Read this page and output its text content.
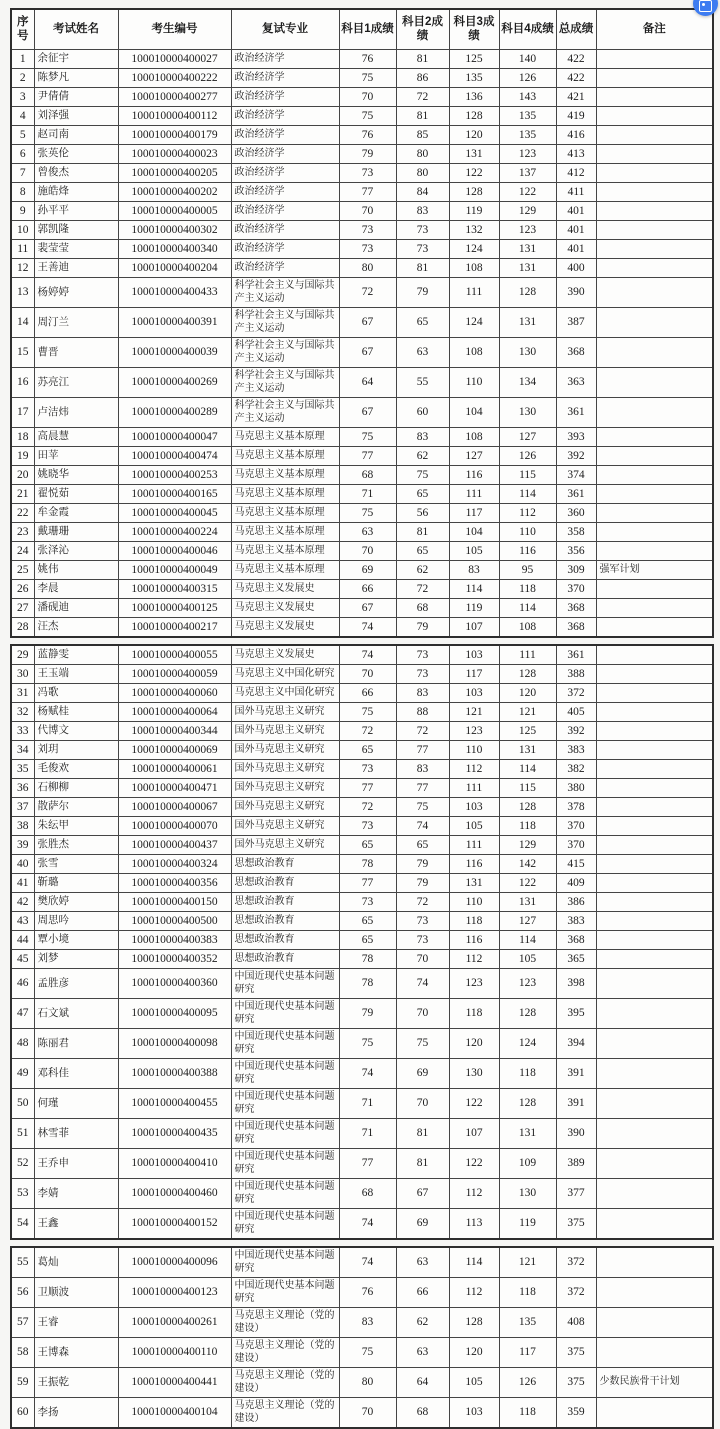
序号	考试姓名	考生编号	复试专业	科目1成绩	科目2成绩	科目3成绩	科目4成绩	总成绩	备注
1	余征宇	100010000400027	政治经济学	76	81	125	140	422	
2	陈梦凡	100010000400222	政治经济学	75	86	135	126	422	
3	尹倩倩	100010000400277	政治经济学	70	72	136	143	421	
4	刘泽强	100010000400112	政治经济学	75	81	128	135	419	
5	赵司南	100010000400179	政治经济学	76	85	120	135	416	
6	张英伦	100010000400023	政治经济学	79	80	131	123	413	
7	曾俊杰	100010000400205	政治经济学	73	80	122	137	412	
8	施皓烽	100010000400202	政治经济学	77	84	128	122	411	
9	孙平平	100010000400005	政治经济学	70	83	119	129	401	
10	郭凯隆	100010000400302	政治经济学	73	73	132	123	401	
11	裴莹莹	100010000400340	政治经济学	73	73	124	131	401	
12	王善迪	100010000400204	政治经济学	80	81	108	131	400	
13	杨婷婷	100010000400433	科学社会主义与国际共产主义运动	72	79	111	128	390	
14	周汀兰	100010000400391	科学社会主义与国际共产主义运动	67	65	124	131	387	
15	曹晋	100010000400039	科学社会主义与国际共产主义运动	67	63	108	130	368	
16	苏亮江	100010000400269	科学社会主义与国际共产主义运动	64	55	110	134	363	
17	卢洁炜	100010000400289	科学社会主义与国际共产主义运动	67	60	104	130	361	
18	高晨慧	100010000400047	马克思主义基本原理	75	83	108	127	393	
19	田苹	100010000400474	马克思主义基本原理	77	62	127	126	392	
20	姚晓华	100010000400253	马克思主义基本原理	68	75	116	115	374	
21	翟悦茹	100010000400165	马克思主义基本原理	71	65	111	114	361	
22	牟金霞	100010000400045	马克思主义基本原理	75	56	117	112	360	
23	戴珊珊	100010000400224	马克思主义基本原理	63	81	104	110	358	
24	张泽沁	100010000400046	马克思主义基本原理	70	65	105	116	356	
25	姚伟	100010000400049	马克思主义基本原理	69	62	83	95	309	强军计划
26	李晨	100010000400315	马克思主义发展史	66	72	114	118	370	
27	潘砚迪	100010000400125	马克思主义发展史	67	68	119	114	368	
28	汪杰	100010000400217	马克思主义发展史	74	79	107	108	368	
29	蓝静雯	100010000400055	马克思主义发展史	74	73	103	111	361	
30	王玉端	100010000400059	马克思主义中国化研究	70	73	117	128	388	
31	冯歌	100010000400060	马克思主义中国化研究	66	83	103	120	372	
32	杨赋桂	100010000400064	国外马克思主义研究	75	88	121	121	405	
33	代博文	100010000400344	国外马克思主义研究	72	72	123	125	392	
34	刘玥	100010000400069	国外马克思主义研究	65	77	110	131	383	
35	毛俊欢	100010000400061	国外马克思主义研究	73	83	112	114	382	
36	石柳柳	100010000400471	国外马克思主义研究	77	77	111	115	380	
37	散萨尔	100010000400067	国外马克思主义研究	72	75	103	128	378	
38	朱纭甲	100010000400070	国外马克思主义研究	73	74	105	118	370	
39	张胜杰	100010000400437	国外马克思主义研究	65	65	111	129	370	
40	张雪	100010000400324	思想政治教育	78	79	116	142	415	
41	靳璐	100010000400356	思想政治教育	77	79	131	122	409	
42	樊欣婷	100010000400150	思想政治教育	73	72	110	131	386	
43	周思吟	100010000400500	思想政治教育	65	73	118	127	383	
44	覃小境	100010000400383	思想政治教育	65	73	116	114	368	
45	刘梦	100010000400352	思想政治教育	78	70	112	105	365	
46	孟胜彦	100010000400360	中国近现代史基本问题研究	78	74	123	123	398	
47	石文斌	100010000400095	中国近现代史基本问题研究	79	70	118	128	395	
48	陈丽君	100010000400098	中国近现代史基本问题研究	75	75	120	124	394	
49	邓科佳	100010000400388	中国近现代史基本问题研究	74	69	130	118	391	
50	何瑾	100010000400455	中国近现代史基本问题研究	71	70	122	128	391	
51	林雪菲	100010000400435	中国近现代史基本问题研究	71	81	107	131	390	
52	王乔申	100010000400410	中国近现代史基本问题研究	77	81	122	109	389	
53	李婧	100010000400460	中国近现代史基本问题研究	68	67	112	130	377	
54	王鑫	100010000400152	中国近现代史基本问题研究	74	69	113	119	375	
55	葛灿	100010000400096	中国近现代史基本问题研究	74	63	114	121	372	
56	卫顺波	100010000400123	中国近现代史基本问题研究	76	66	112	118	372	
57	王睿	100010000400261	马克思主义理论（党的建设）	83	62	128	135	408	
58	王博森	100010000400110	马克思主义理论（党的建设）	75	63	120	117	375	
59	王振乾	100010000400441	马克思主义理论（党的建设）	80	64	105	126	375	少数民族骨干计划
60	李扬	100010000400104	马克思主义理论（党的建设）	70	68	103	118	359	
